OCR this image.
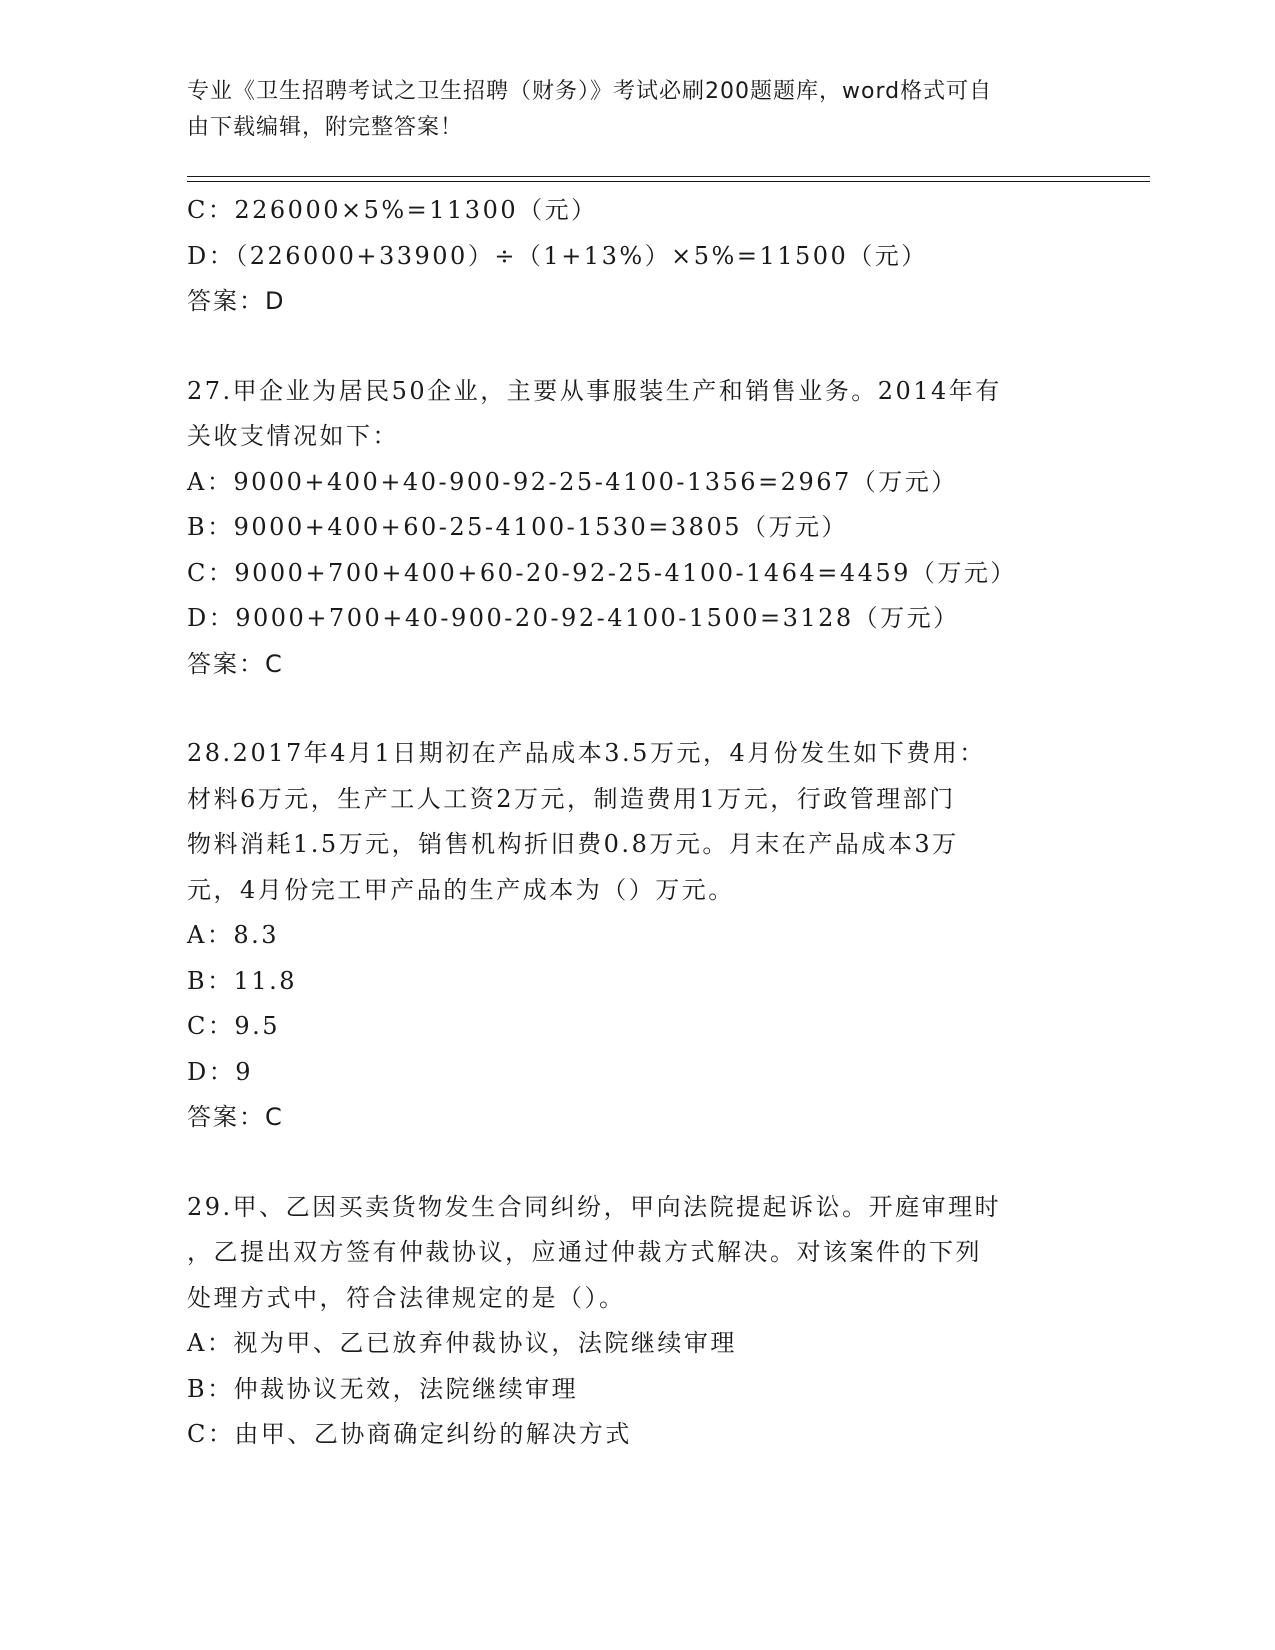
专业《卫生招聘考试之卫生招聘（财务）》考试必刷200题题库，word格式可自
由下载编辑，附完整答案！
C：226000×5%=11300（元）
D：（226000+33900）÷（1+13%）×5%=11500（元）
答案：D
27.甲企业为居民50企业，主要从事服装生产和销售业务。2014年有
关收支情况如下：
A：9000+400+40-900-92-25-4100-1356=2967（万元）
B：9000+400+60-25-4100-1530=3805（万元）
C：9000+700+400+60-20-92-25-4100-1464=4459（万元）
D：9000+700+40-900-20-92-4100-1500=3128（万元）
答案：C
28.2017年4月1日期初在产品成本3.5万元，4月份发生如下费用：
材料6万元，生产工人工资2万元，制造费用1万元，行政管理部门
物料消耗1.5万元，销售机构折旧费0.8万元。月末在产品成本3万
元，4月份完工甲产品的生产成本为（）万元。
A：8.3
B：11.8
C：9.5
D：9
答案：C
29.甲、乙因买卖货物发生合同纠纷，甲向法院提起诉讼。开庭审理时
，乙提出双方签有仲裁协议，应通过仲裁方式解决。对该案件的下列
处理方式中，符合法律规定的是（）。
A：视为甲、乙已放弃仲裁协议，法院继续审理
B：仲裁协议无效，法院继续审理
C：由甲、乙协商确定纠纷的解决方式
